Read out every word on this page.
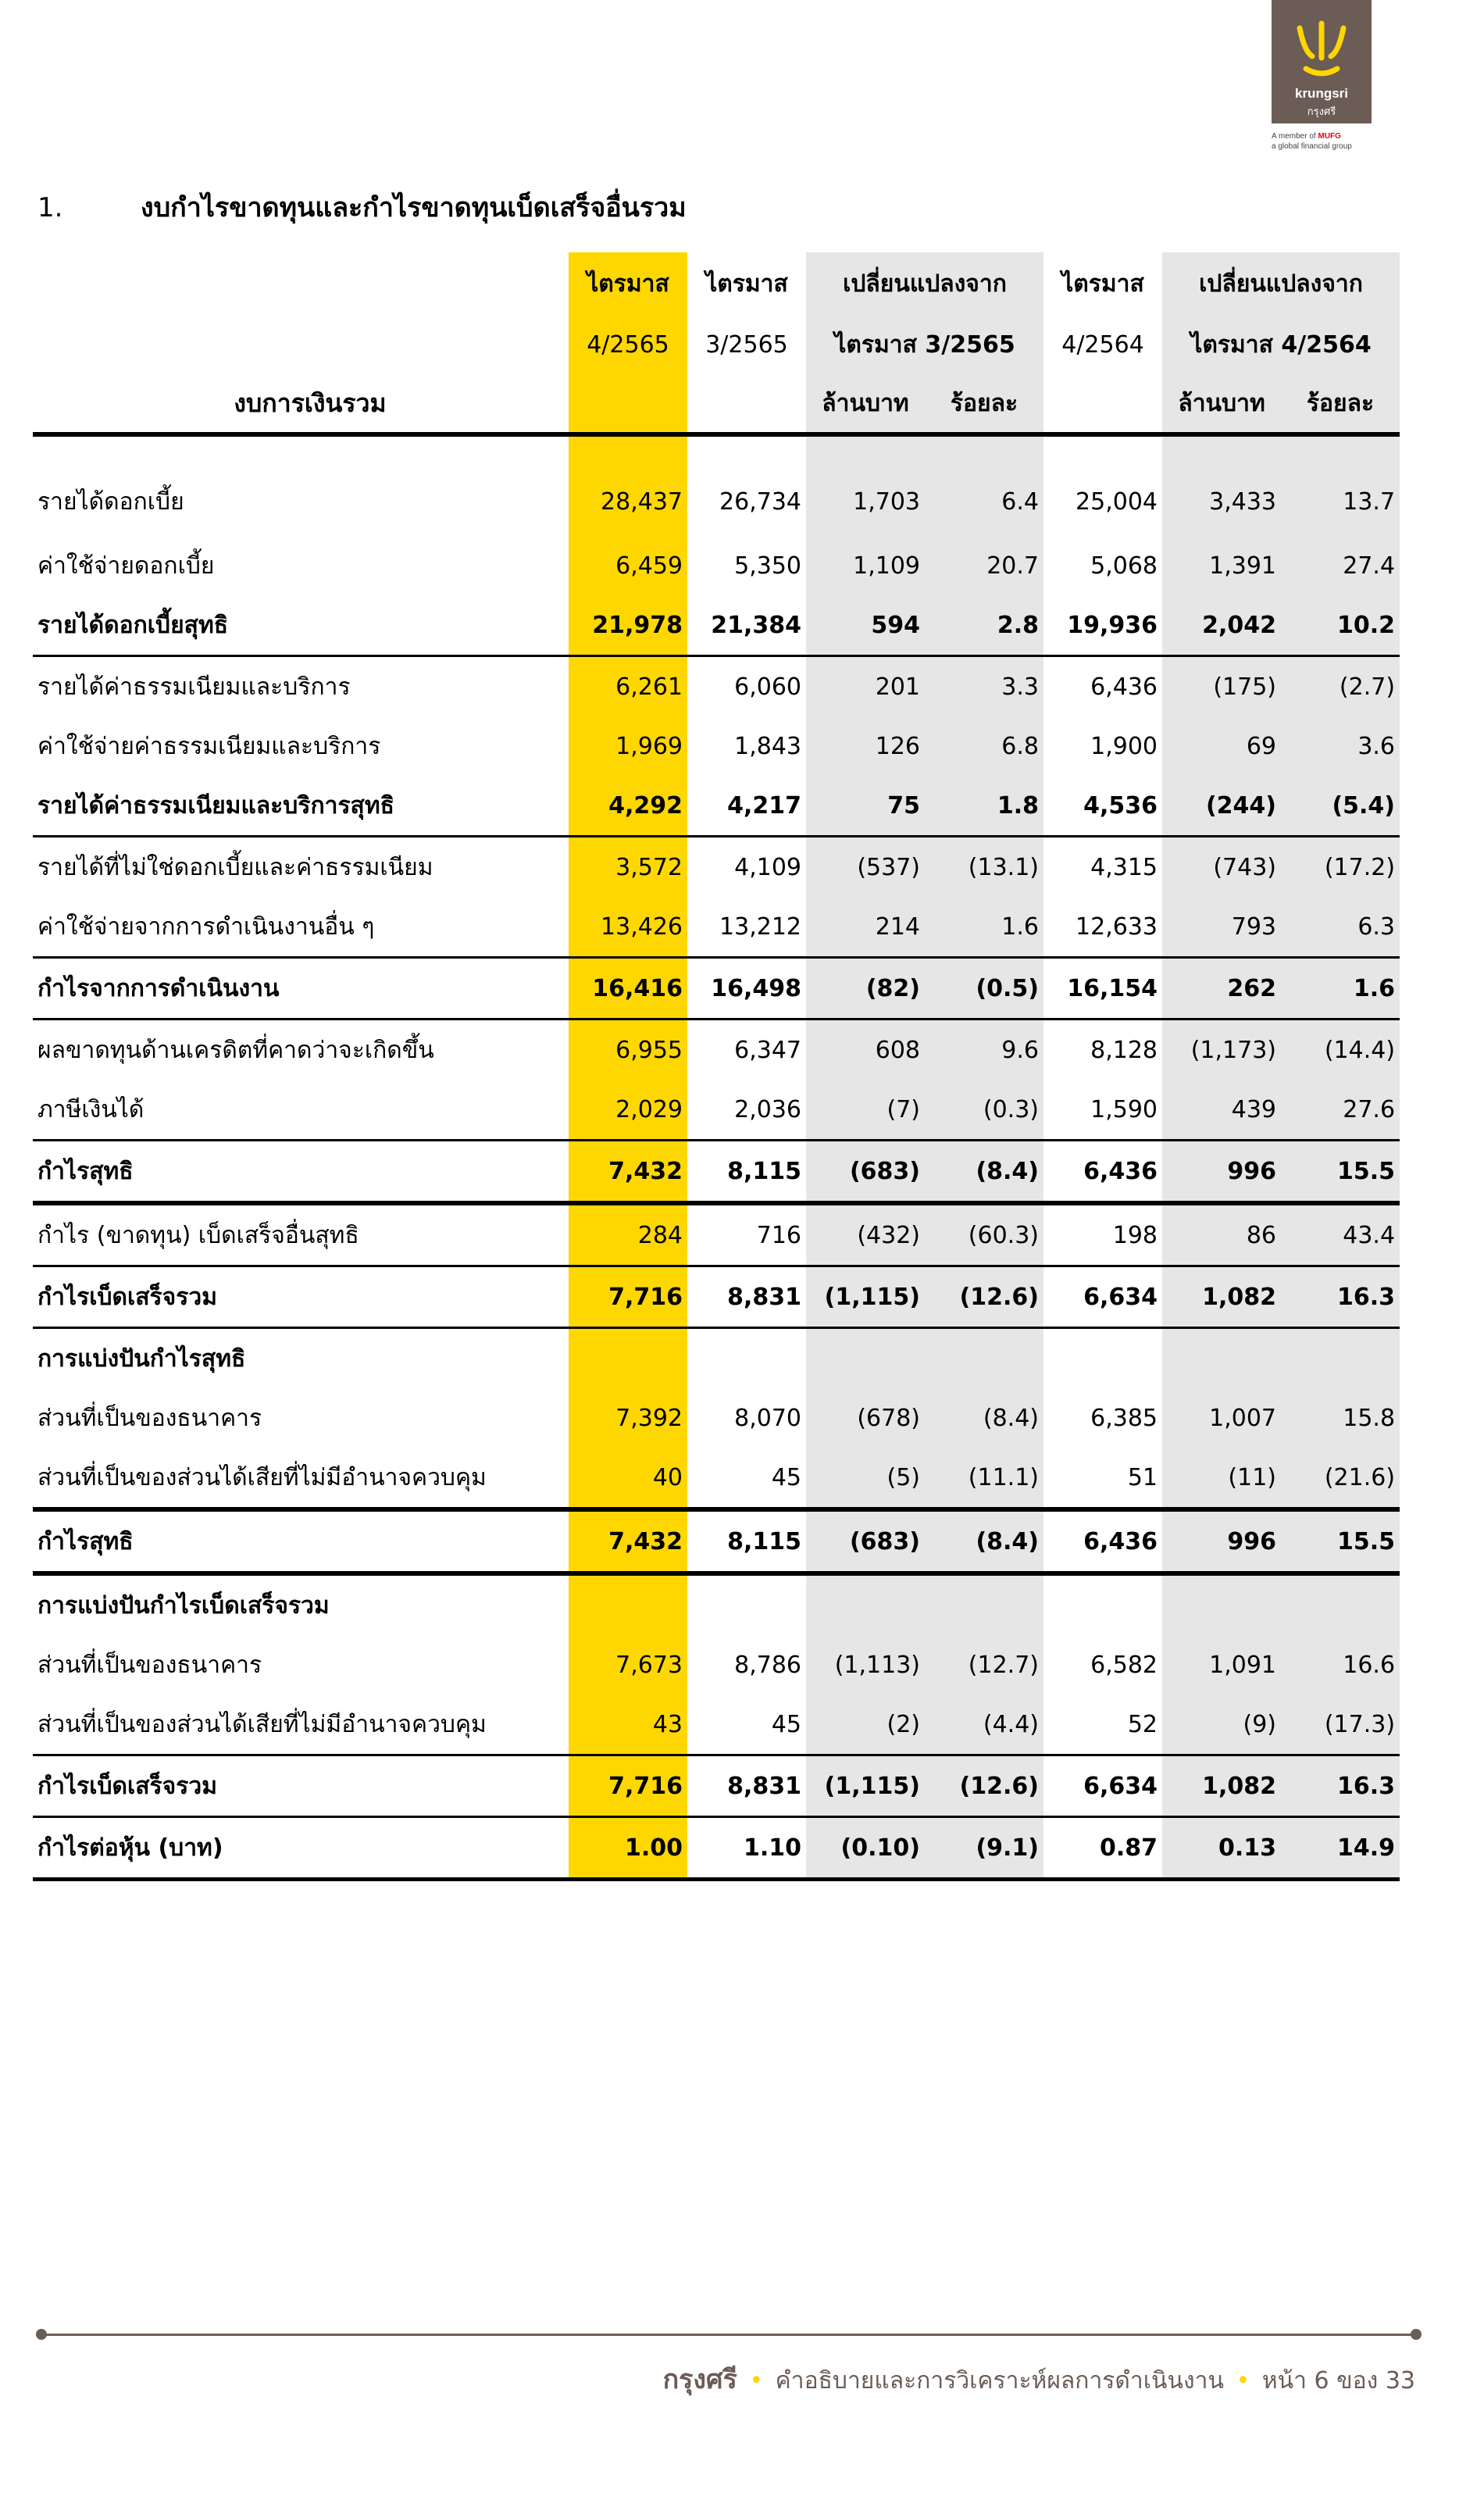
krungsri
กรุงศรี
A member of MUFG
a global financial group
1.	งบกำไรขาดทุนและกำไรขาดทุนเบ็ดเสร็จอื่นรวม
	ไตรมาส	ไตรมาส	เปลี่ยนแปลงจาก		ไตรมาส	เปลี่ยนแปลงจาก	
	4/2565	3/2565	ไตรมาส 3/2565		4/2564	ไตรมาส 4/2564	
งบการเงินรวม			ล้านบาท	ร้อยละ		ล้านบาท	ร้อยละ
รายได้ดอกเบี้ย	28,437	26,734	1,703	6.4	25,004	3,433	13.7
ค่าใช้จ่ายดอกเบี้ย	6,459	5,350	1,109	20.7	5,068	1,391	27.4
รายได้ดอกเบี้ยสุทธิ	21,978	21,384	594	2.8	19,936	2,042	10.2
รายได้ค่าธรรมเนียมและบริการ	6,261	6,060	201	3.3	6,436	(175)	(2.7)
ค่าใช้จ่ายค่าธรรมเนียมและบริการ	1,969	1,843	126	6.8	1,900	69	3.6
รายได้ค่าธรรมเนียมและบริการสุทธิ	4,292	4,217	75	1.8	4,536	(244)	(5.4)
รายได้ที่ไม่ใช่ดอกเบี้ยและค่าธรรมเนียม	3,572	4,109	(537)	(13.1)	4,315	(743)	(17.2)
ค่าใช้จ่ายจากการดำเนินงานอื่น ๆ	13,426	13,212	214	1.6	12,633	793	6.3
กำไรจากการดำเนินงาน	16,416	16,498	(82)	(0.5)	16,154	262	1.6
ผลขาดทุนด้านเครดิตที่คาดว่าจะเกิดขึ้น	6,955	6,347	608	9.6	8,128	(1,173)	(14.4)
ภาษีเงินได้	2,029	2,036	(7)	(0.3)	1,590	439	27.6
กำไรสุทธิ	7,432	8,115	(683)	(8.4)	6,436	996	15.5
กำไร (ขาดทุน) เบ็ดเสร็จอื่นสุทธิ	284	716	(432)	(60.3)	198	86	43.4
กำไรเบ็ดเสร็จรวม	7,716	8,831	(1,115)	(12.6)	6,634	1,082	16.3
การแบ่งปันกำไรสุทธิ							
ส่วนที่เป็นของธนาคาร	7,392	8,070	(678)	(8.4)	6,385	1,007	15.8
ส่วนที่เป็นของส่วนได้เสียที่ไม่มีอำนาจควบคุม	40	45	(5)	(11.1)	51	(11)	(21.6)
กำไรสุทธิ	7,432	8,115	(683)	(8.4)	6,436	996	15.5
การแบ่งปันกำไรเบ็ดเสร็จรวม							
ส่วนที่เป็นของธนาคาร	7,673	8,786	(1,113)	(12.7)	6,582	1,091	16.6
ส่วนที่เป็นของส่วนได้เสียที่ไม่มีอำนาจควบคุม	43	45	(2)	(4.4)	52	(9)	(17.3)
กำไรเบ็ดเสร็จรวม	7,716	8,831	(1,115)	(12.6)	6,634	1,082	16.3
กำไรต่อหุ้น (บาท)	1.00	1.10	(0.10)	(9.1)	0.87	0.13	14.9
กรุงศรี • คำอธิบายและการวิเคราะห์ผลการดำเนินงาน • หน้า 6 ของ 33
